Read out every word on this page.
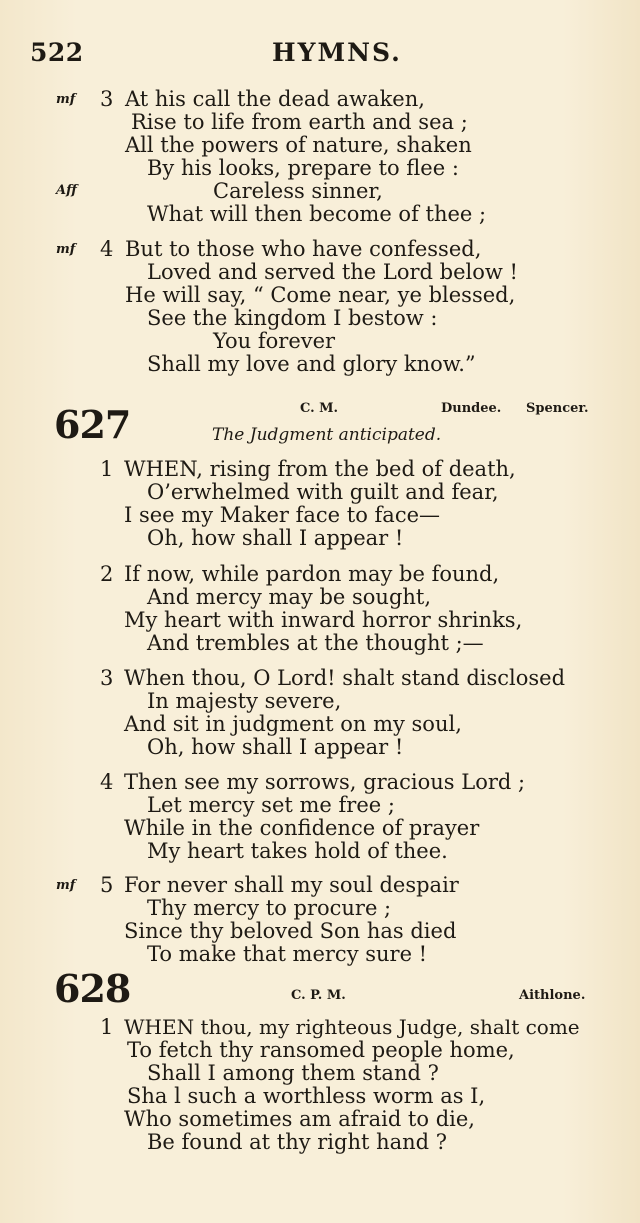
522	HYMNS.
mf 3 At his call the dead awaken,
Rise to life from earth and sea ;
All the powers of nature, shaken
By his looks, prepare to flee :
Aff	Careless sinner,
What will then become of thee ;
mf 4 But to those who have confessed,
Loved and served the Lord below !
He will say, “ Come near, ye blessed,
See the kingdom I bestow :
You forever
Shall my love and glory know.”
627	C. M.	Dundee. Spencer.
The Judgment anticipated.
1 WHEN, rising from the bed of death,
O’erwhelmed with guilt and fear,
I see my Maker face to face—
Oh, how shall I appear !
2 If now, while pardon may be found,
And mercy may be sought,
My heart with inward horror shrinks,
And trembles at the thought ;—
3 When thou, O Lord! shalt stand disclosed
In majesty severe,
And sit in judgment on my soul,
Oh, how shall I appear !
4 Then see my sorrows, gracious Lord ;
Let mercy set me free ;
While in the confidence of prayer
My heart takes hold of thee.
mf 5 For never shall my soul despair
Thy mercy to procure ;
Since thy beloved Son has died
To make that mercy sure !
628	C. P. M.	Aithlone.
1 WHEN thou, my righteous Judge, shalt come
To fetch thy ransomed people home,
Shall I among them stand ?
Sha l such a worthless worm as I,
Who sometimes am afraid to die,
Be found at thy right hand ?
